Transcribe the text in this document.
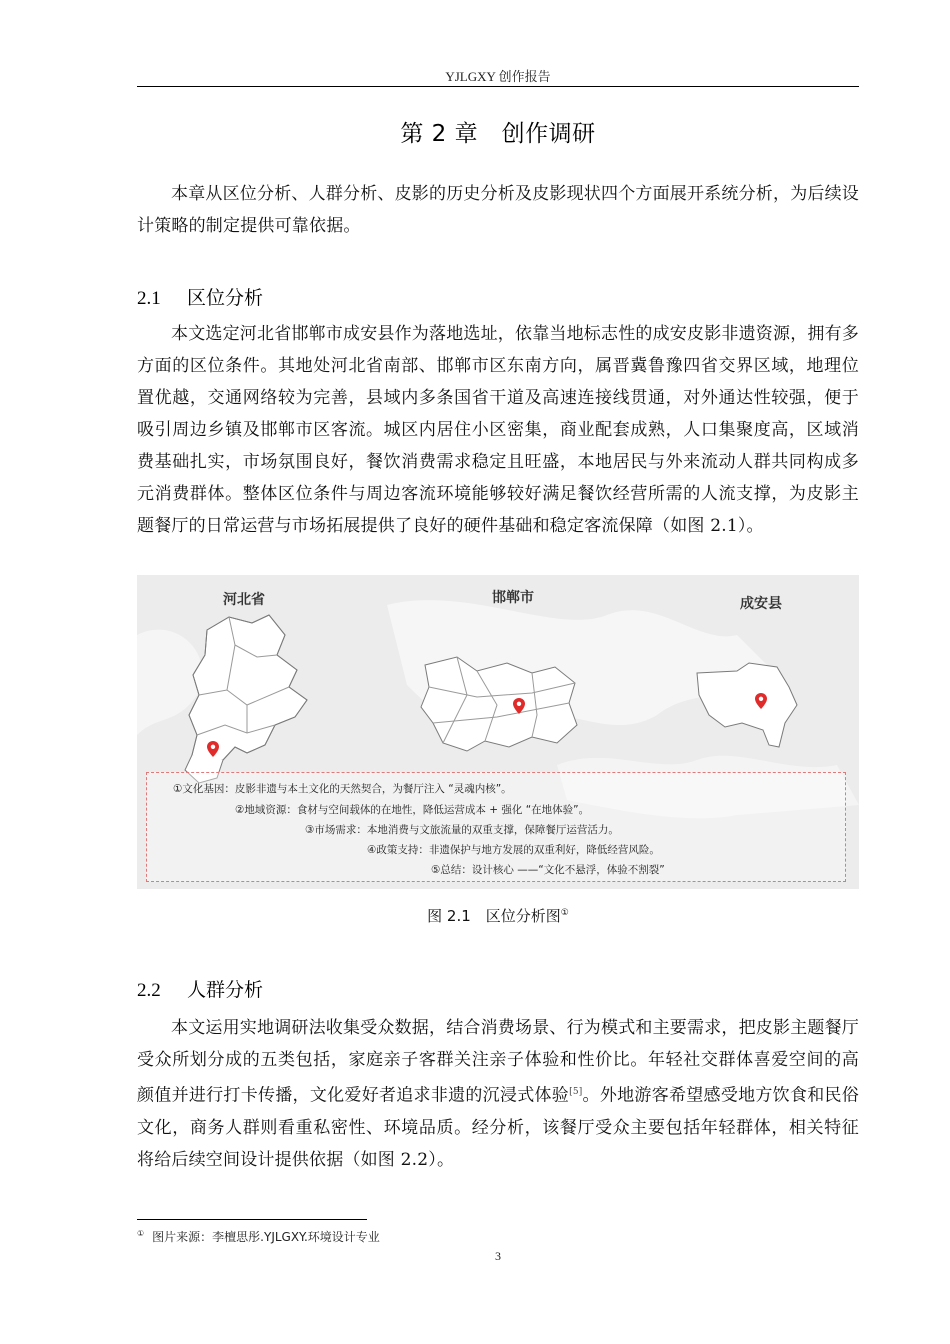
YJLGXY 创作报告
第 2 章　创作调研

本章从区位分析、人群分析、皮影的历史分析及皮影现状四个方面展开系统分析，为后续设计策略的制定提供可靠依据。

2.1 区位分析

本文选定河北省邯郸市成安县作为落地选址，依靠当地标志性的成安皮影非遗资源，拥有多方面的区位条件。其地处河北省南部、邯郸市区东南方向，属晋冀鲁豫四省交界区域，地理位置优越，交通网络较为完善，县域内多条国省干道及高速连接线贯通，对外通达性较强，便于吸引周边乡镇及邯郸市区客流。城区内居住小区密集，商业配套成熟，人口集聚度高，区域消费基础扎实，市场氛围良好，餐饮消费需求稳定且旺盛，本地居民与外来流动人群共同构成多元消费群体。整体区位条件与周边客流环境能够较好满足餐饮经营所需的人流支撑，为皮影主题餐厅的日常运营与市场拓展提供了良好的硬件基础和稳定客流保障（如图 2.1）。

河北省	邯郸市	成安县
①文化基因：皮影非遗与本土文化的天然契合，为餐厅注入 “灵魂内核”。
②地域资源：食材与空间载体的在地性，降低运营成本 + 强化 “在地体验”。
③市场需求：本地消费与文旅流量的双重支撑，保障餐厅运营活力。
④政策支持：非遗保护与地方发展的双重利好，降低经营风险。
⑤总结：设计核心 ——“文化不悬浮，体验不割裂”
图 2.1　区位分析图①
2.2 人群分析

本文运用实地调研法收集受众数据，结合消费场景、行为模式和主要需求，把皮影主题餐厅受众所划分成的五类包括，家庭亲子客群关注亲子体验和性价比。年轻社交群体喜爱空间的高颜值并进行打卡传播，文化爱好者追求非遗的沉浸式体验[5]。外地游客希望感受地方饮食和民俗文化，商务人群则看重私密性、环境品质。经分析，该餐厅受众主要包括年轻群体，相关特征将给后续空间设计提供依据（如图 2.2）。

① 图片来源：李檀思彤.YJLGXY.环境设计专业
3
